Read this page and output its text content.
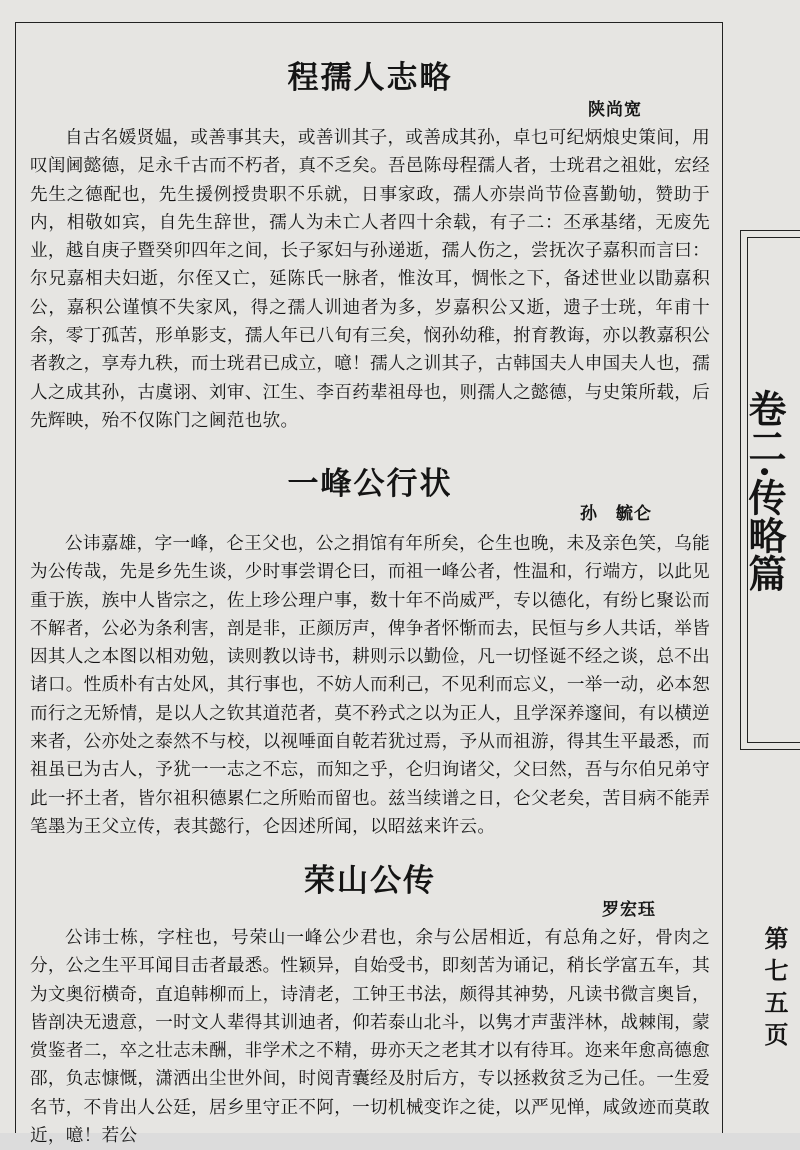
程孺人志略
陕尚宽

自古名媛贤媪，或善事其夫，或善训其子，或善成其孙，卓乜可纪炳烺史策间，用叹闺阃懿德，足永千古而不朽者，真不乏矣。吾邑陈母程孺人者，士珖君之祖妣，宏经先生之德配也，先生援例授贵职不乐就，日事家政，孺人亦崇尚节俭喜勤劬，赞助于内，相敬如宾，自先生辞世，孺人为未亡人者四十余载，有子二：丕承基绪，无废先业，越自庚子暨癸卯四年之间，长子冢妇与孙递逝，孺人伤之，尝抚次子嘉积而言曰：尔兄嘉相夫妇逝，尔侄又亡，延陈氏一脉者，惟汝耳，惆怅之下，备述世业以勖嘉积公，嘉积公谨慎不失家风，得之孺人训迪者为多，岁嘉积公又逝，遗子士珖，年甫十余，零丁孤苦，形单影支，孺人年已八旬有三矣，悯孙幼稚，拊育教诲，亦以教嘉积公者教之，享寿九秩，而士珖君已成立，噫！孺人之训其子，古韩国夫人申国夫人也，孺人之成其孙，古虞诩、刘审、江生、李百药辈祖母也，则孺人之懿德，与史策所载，后先辉映，殆不仅陈门之阃范也欤。

一峰公行状
孙　毓仑

公讳嘉雄，字一峰，仑王父也，公之捐馆有年所矣，仑生也晚，未及亲色笑，乌能为公传哉，先是乡先生谈，少时事尝谓仑曰，而祖一峰公者，性温和，行端方，以此见重于族，族中人皆宗之，佐上珍公理户事，数十年不尚威严，专以德化，有纷匕聚讼而不解者，公必为条利害，剖是非，正颜厉声，俾争者怀惭而去，民恒与乡人共话，举皆因其人之本图以相劝勉，读则教以诗书，耕则示以勤俭，凡一切怪诞不经之谈，总不出诸口。性质朴有古处风，其行事也，不妨人而利己，不见利而忘义，一举一动，必本恕而行之无矫情，是以人之钦其道范者，莫不矜式之以为正人，且学深养邃间，有以横逆来者，公亦处之泰然不与校，以视唾面自乾若犹过焉，予从而祖游，得其生平最悉，而祖虽已为古人，予犹一一志之不忘，而知之乎，仑归询诸父，父曰然，吾与尔伯兄弟守此一抔土者，皆尔祖积德累仁之所贻而留也。兹当续谱之日，仑父老矣，苦目病不能弄笔墨为王父立传，表其懿行，仑因述所闻，以昭兹来许云。

荣山公传
罗宏珏

公讳士栋，字柱也，号荣山一峰公少君也，余与公居相近，有总角之好，骨肉之分，公之生平耳闻目击者最悉。性颖异，自始受书，即刻苦为诵记，稍长学富五车，其为文奥衍横奇，直追韩柳而上，诗清老，工钟王书法，颇得其神势，凡读书微言奥旨，皆剖决无遗意，一时文人辈得其训迪者，仰若泰山北斗，以隽才声蜚泮林，战棘闱，蒙赏鉴者二，卒之壮志未酬，非学术之不精，毋亦天之老其才以有待耳。迩来年愈高德愈邵，负志慷慨，潇洒出尘世外间，时阅青囊经及肘后方，专以拯救贫乏为己任。一生爱名节，不肯出人公廷，居乡里守正不阿，一切机械变诈之徒，以严见惮，咸敛迹而莫敢近，噫！若公

卷二·传略篇
第七五页
